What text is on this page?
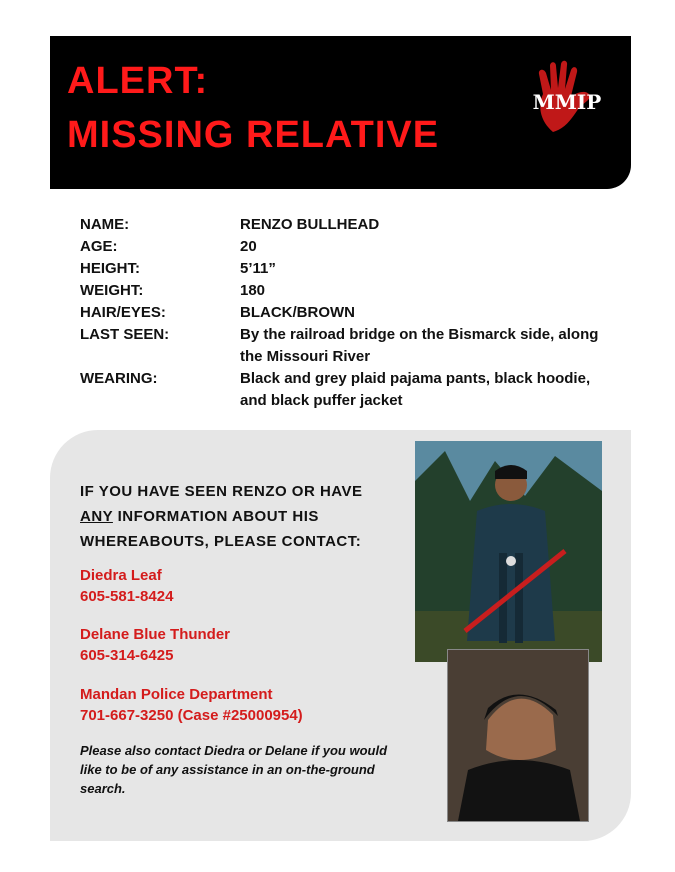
ALERT:
MISSING RELATIVE
MMIP
NAME:	RENZO BULLHEAD
AGE:	20
HEIGHT:	5’11”
WEIGHT:	180
HAIR/EYES:	BLACK/BROWN
LAST SEEN:	By the railroad bridge on the Bismarck side, along the Missouri River
WEARING:	Black and grey plaid pajama pants, black hoodie, and black puffer jacket
IF YOU HAVE SEEN RENZO OR HAVE
ANY INFORMATION ABOUT HIS
WHEREABOUTS, PLEASE CONTACT:
Diedra Leaf
605-581-8424
Delane Blue Thunder
605-314-6425
Mandan Police Department
701-667-3250 (Case #25000954)
Please also contact Diedra or Delane if you would like to be of any assistance in an on-the-ground search.
